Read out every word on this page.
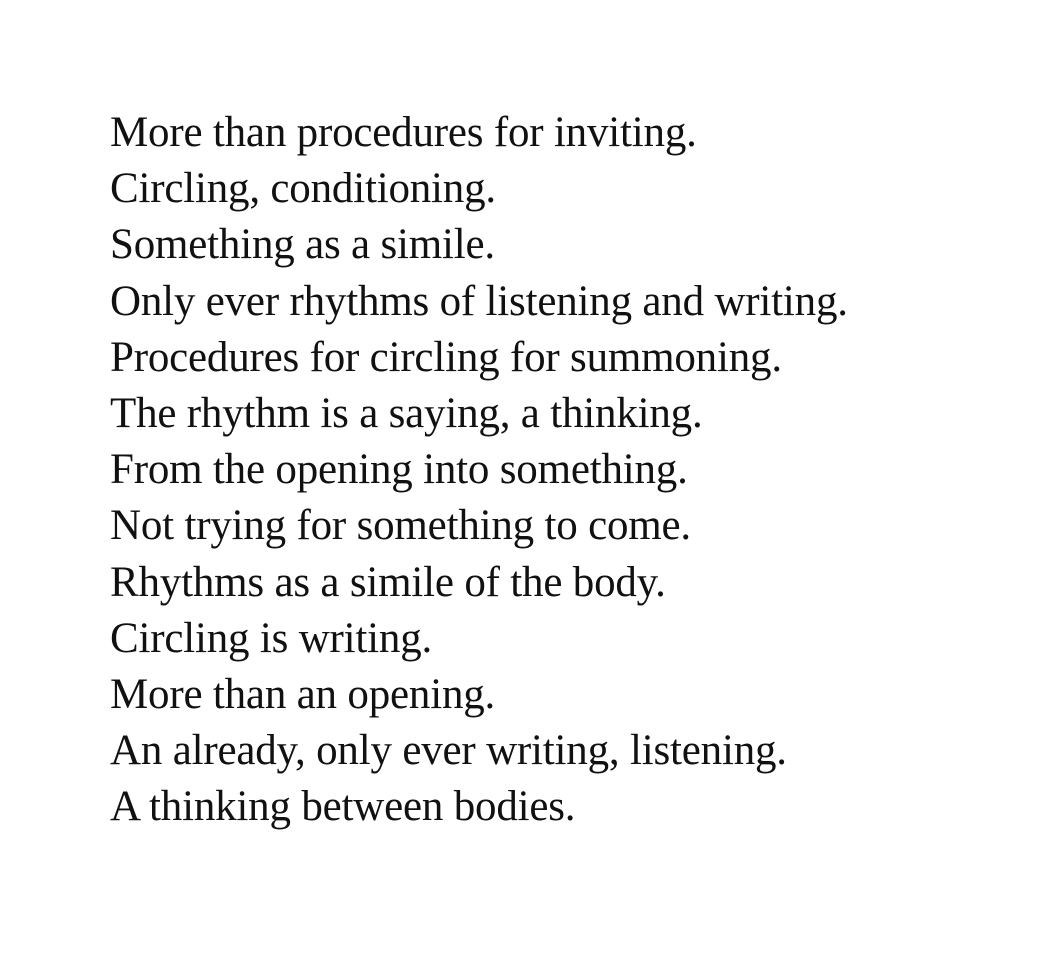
More than procedures for inviting.
Circling, conditioning.
Something as a simile.
Only ever rhythms of listening and writing.
Procedures for circling for summoning.
The rhythm is a saying, a thinking.
From the opening into something.
Not trying for something to come.
Rhythms as a simile of the body.
Circling is writing.
More than an opening.
An already, only ever writing, listening.
A thinking between bodies.
